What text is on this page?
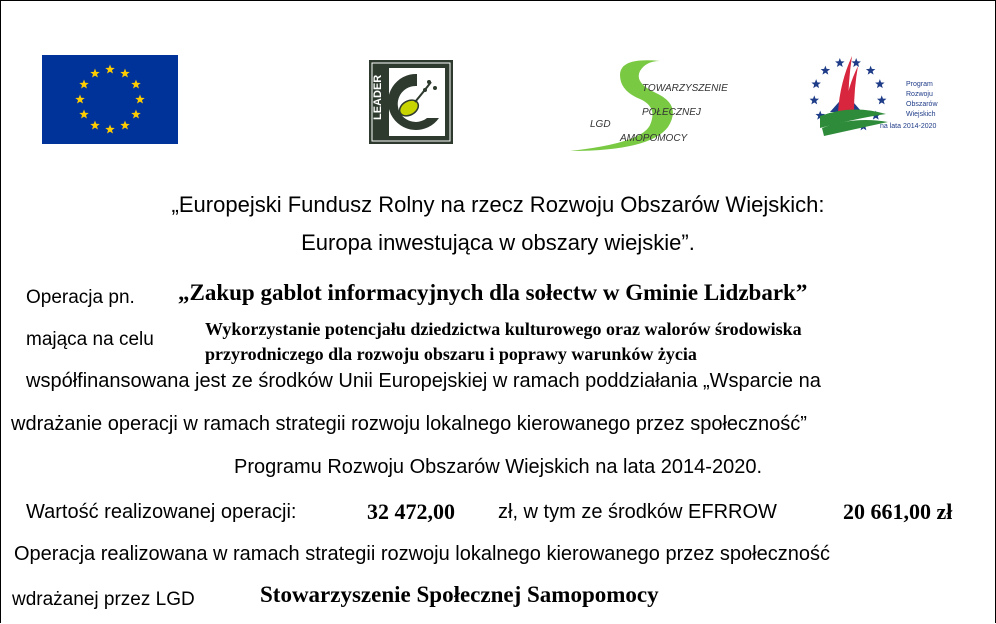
LEADER	TOWARZYSZENIE
POŁECZNEJ
LGD
AMOPOMOCY
Program
Rozwoju
Obszarów
Wiejskich
na lata 2014-2020
„Europejski Fundusz Rolny na rzecz Rozwoju Obszarów Wiejskich:
Europa inwestująca w obszary wiejskie”.
Operacja pn. „Zakup gablot informacyjnych dla sołectw w Gminie Lidzbark”
mająca na celu	Wykorzystanie potencjału dziedzictwa kulturowego oraz walorów środowiska
przyrodniczego dla rozwoju obszaru i poprawy warunków życia
współfinansowana jest ze środków Unii Europejskiej w ramach poddziałania „Wsparcie na
wdrażanie operacji w ramach strategii rozwoju lokalnego kierowanego przez społeczność”
Programu Rozwoju Obszarów Wiejskich na lata 2014-2020.
Wartość realizowanej operacji:	32 472,00 zł, w tym ze środków EFRROW	20 661,00 zł
Operacja realizowana w ramach strategii rozwoju lokalnego kierowanego przez społeczność
wdrażanej przez LGD	Stowarzyszenie Społecznej Samopomocy
